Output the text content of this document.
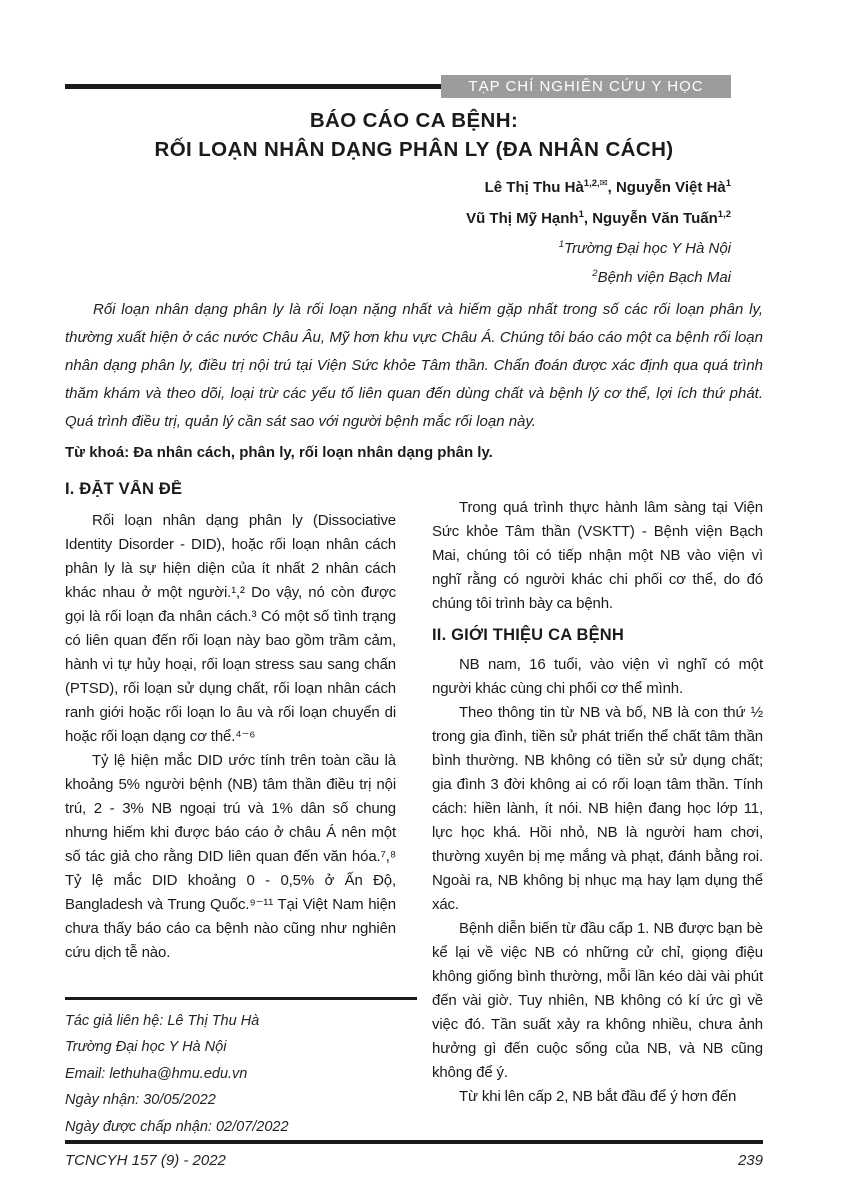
TẠP CHÍ NGHIÊN CỨU Y HỌC
BÁO CÁO CA BỆNH:
RỐI LOẠN NHÂN DẠNG PHÂN LY (ĐA NHÂN CÁCH)
Lê Thị Thu $Hà^{1,2,✉}$, Nguyễn Việt $Hà^1$
Vũ Thị Mỹ Hạnh$^1$, Nguyễn Văn Tuấn$^{1,2}$
$^1$Trường Đại học Y Hà Nội
$^2$Bệnh viện Bạch Mai

Rối loạn nhân dạng phân ly là rối loạn nặng nhất và hiếm gặp nhất trong số các rối loạn phân ly, thường xuất hiện ở các nước Châu Âu, Mỹ hơn khu vực Châu Á. Chúng tôi báo cáo một ca bệnh rối loạn nhân dạng phân ly, điều trị nội trú tại Viện Sức khỏe Tâm thần. Chẩn đoán được xác định qua quá trình thăm khám và theo dõi, loại trừ các yếu tố liên quan đến dùng chất và bệnh lý cơ thể, lợi ích thứ phát. Quá trình điều trị, quản lý cần sát sao với người bệnh mắc rối loạn này.

Từ khoá: Đa nhân cách, phân ly, rối loạn nhân dạng phân ly.

I. ĐẶT VẤN ĐỀ

Rối loạn nhân dạng phân ly (Dissociative Identity Disorder - DID), hoặc rối loạn nhân cách phân ly là sự hiện diện của ít nhất 2 nhân cách khác nhau ở một người.¹,² Do vậy, nó còn được gọi là rối loạn đa nhân cách.³ Có một số tình trạng có liên quan đến rối loạn này bao gồm trầm cảm, hành vi tự hủy hoại, rối loạn stress sau sang chấn (PTSD), rối loạn sử dụng chất, rối loạn nhân cách ranh giới hoặc rối loạn lo âu và rối loạn chuyển di hoặc rối loạn dạng cơ thể.⁴⁻⁶

Tỷ lệ hiện mắc DID ước tính trên toàn cầu là khoảng 5% người bệnh (NB) tâm thần điều trị nội trú, 2 - 3% NB ngoại trú và 1% dân số chung nhưng hiếm khi được báo cáo ở châu Á nên một số tác giả cho rằng DID liên quan đến văn hóa.⁷,⁸ Tỷ lệ mắc DID khoảng 0 - 0,5% ở Ấn Độ, Bangladesh và Trung Quốc.⁹⁻¹¹ Tại Việt Nam hiện chưa thấy báo cáo ca bệnh nào cũng như nghiên cứu dịch tễ nào.

Tác giả liên hệ: Lê Thị Thu Hà

Trường Đại học Y Hà Nội

Email: lethuha@hmu.edu.vn

Ngày nhận: 30/05/2022

Ngày được chấp nhận: 02/07/2022

Trong quá trình thực hành lâm sàng tại Viện Sức khỏe Tâm thần (VSKTT) - Bệnh viện Bạch Mai, chúng tôi có tiếp nhận một NB vào viện vì nghĩ rằng có người khác chi phối cơ thể, do đó chúng tôi trình bày ca bệnh.

II. GIỚI THIỆU CA BỆNH

NB nam, 16 tuổi, vào viện vì nghĩ có một người khác cùng chi phối cơ thể mình.

Theo thông tin từ NB và bố, NB là con thứ ½ trong gia đình, tiền sử phát triển thể chất tâm thần bình thường. NB không có tiền sử sử dụng chất; gia đình 3 đời không ai có rối loạn tâm thần. Tính cách: hiền lành, ít nói. NB hiện đang học lớp 11, lực học khá. Hồi nhỏ, NB là người ham chơi, thường xuyên bị mẹ mắng và phạt, đánh bằng roi. Ngoài ra, NB không bị nhục mạ hay lạm dụng thể xác.

Bệnh diễn biến từ đầu cấp 1. NB được bạn bè kể lại về việc NB có những cử chỉ, giọng điệu không giống bình thường, mỗi lần kéo dài vài phút đến vài giờ. Tuy nhiên, NB không có kí ức gì về việc đó. Tần suất xảy ra không nhiều, chưa ảnh hưởng gì đến cuộc sống của NB, và NB cũng không để ý.

Từ khi lên cấp 2, NB bắt đầu để ý hơn đến

TCNCYH 157 (9) - 2022	239
